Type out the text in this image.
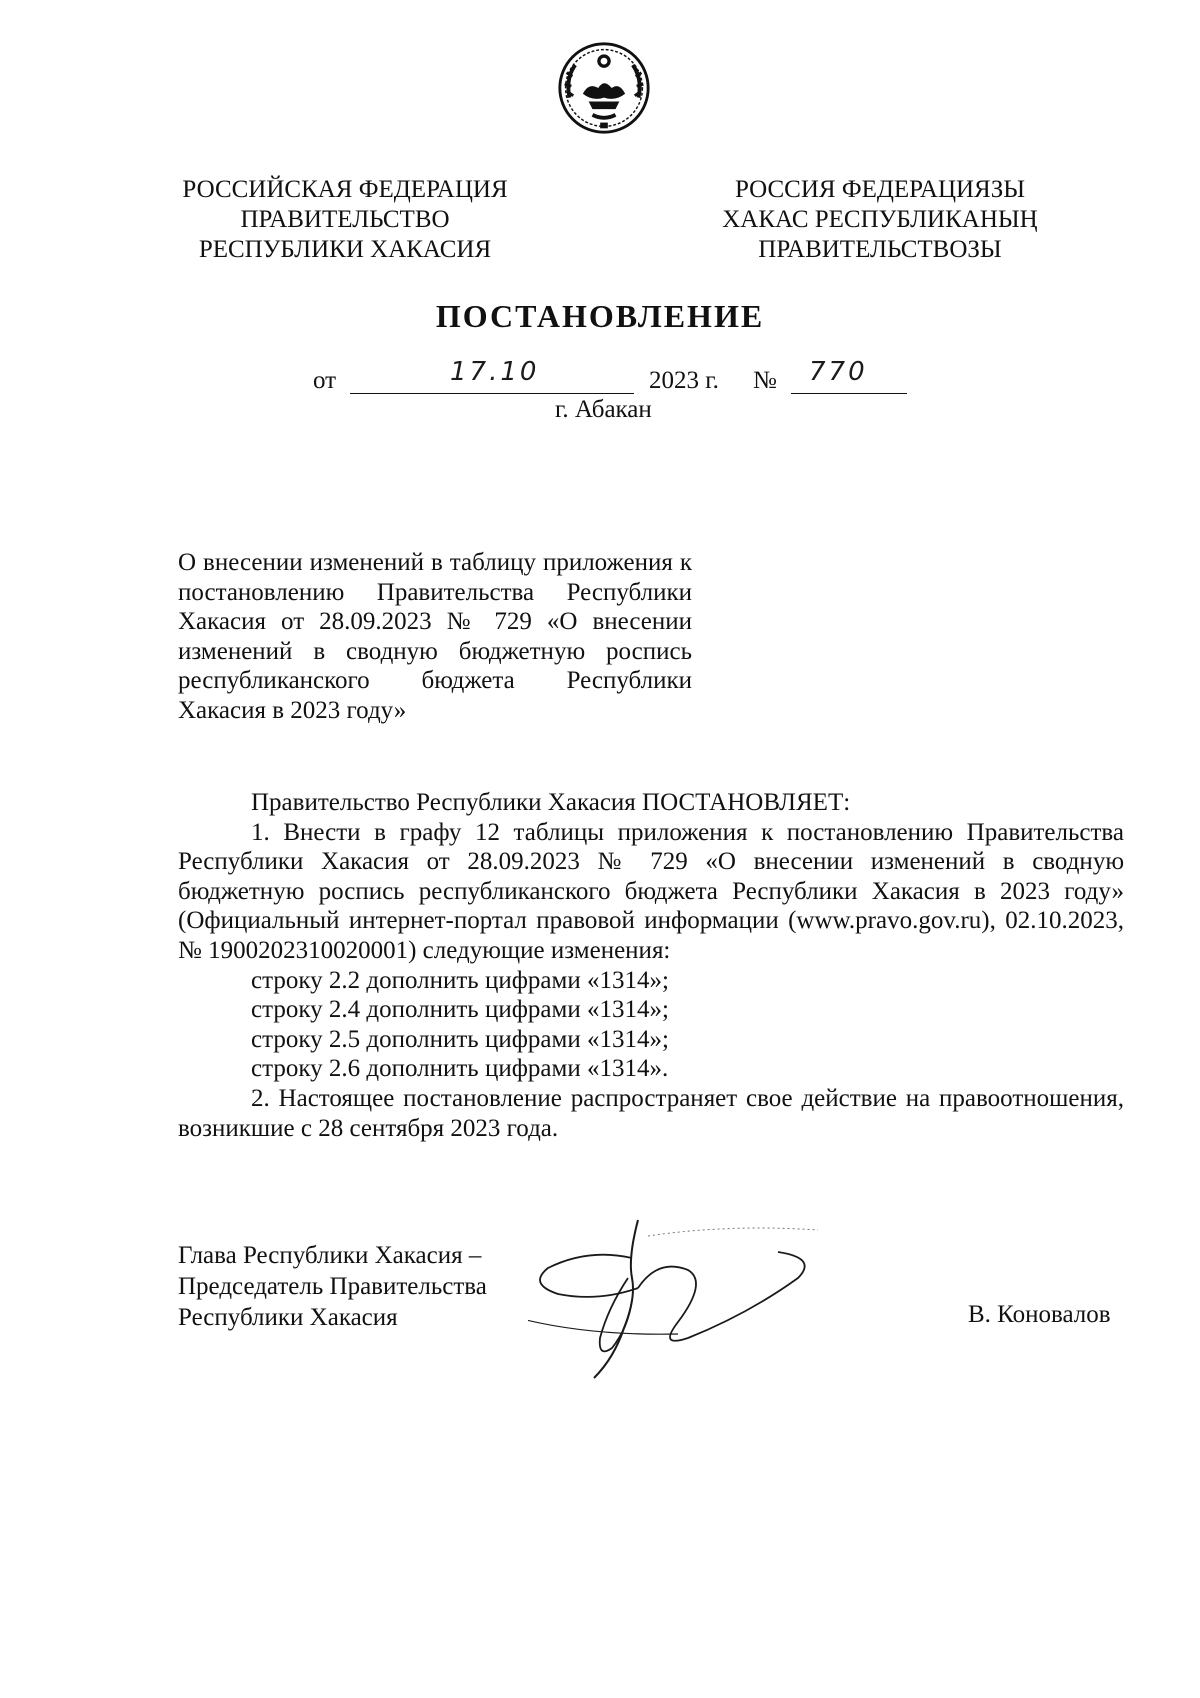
РОССИЙСКАЯ ФЕДЕРАЦИЯ
ПРАВИТЕЛЬСТВО
РЕСПУБЛИКИ ХАКАСИЯ
РОССИЯ ФЕДЕРАЦИЯЗЫ
ХАКАС РЕСПУБЛИКАНЫҢ
ПРАВИТЕЛЬСТВОЗЫ
ПОСТАНОВЛЕНИЕ
от	17.10	2023 г. № 770
г. Абакан
О внесении изменений в таблицу приложения к постановлению Правительства Республики Хакасия от 28.09.2023 № 729 «О внесении изменений в сводную бюджетную роспись республиканского бюджета Республики Хакасия в 2023 году»

Правительство Республики Хакасия ПОСТАНОВЛЯЕТ:

1. Внести в графу 12 таблицы приложения к постановлению Правительства Республики Хакасия от 28.09.2023 № 729 «О внесении изменений в сводную бюджетную роспись республиканского бюджета Республики Хакасия в 2023 году» (Официальный интернет-портал правовой информации (www.pravo.gov.ru), 02.10.2023, № 1900202310020001) следующие изменения:

строку 2.2 дополнить цифрами «1314»;

строку 2.4 дополнить цифрами «1314»;

строку 2.5 дополнить цифрами «1314»;

строку 2.6 дополнить цифрами «1314».

2. Настоящее постановление распространяет свое действие на правоотношения, возникшие с 28 сентября 2023 года.

Глава Республики Хакасия –
Председатель Правительства
Республики Хакасия	В. Коновалов
